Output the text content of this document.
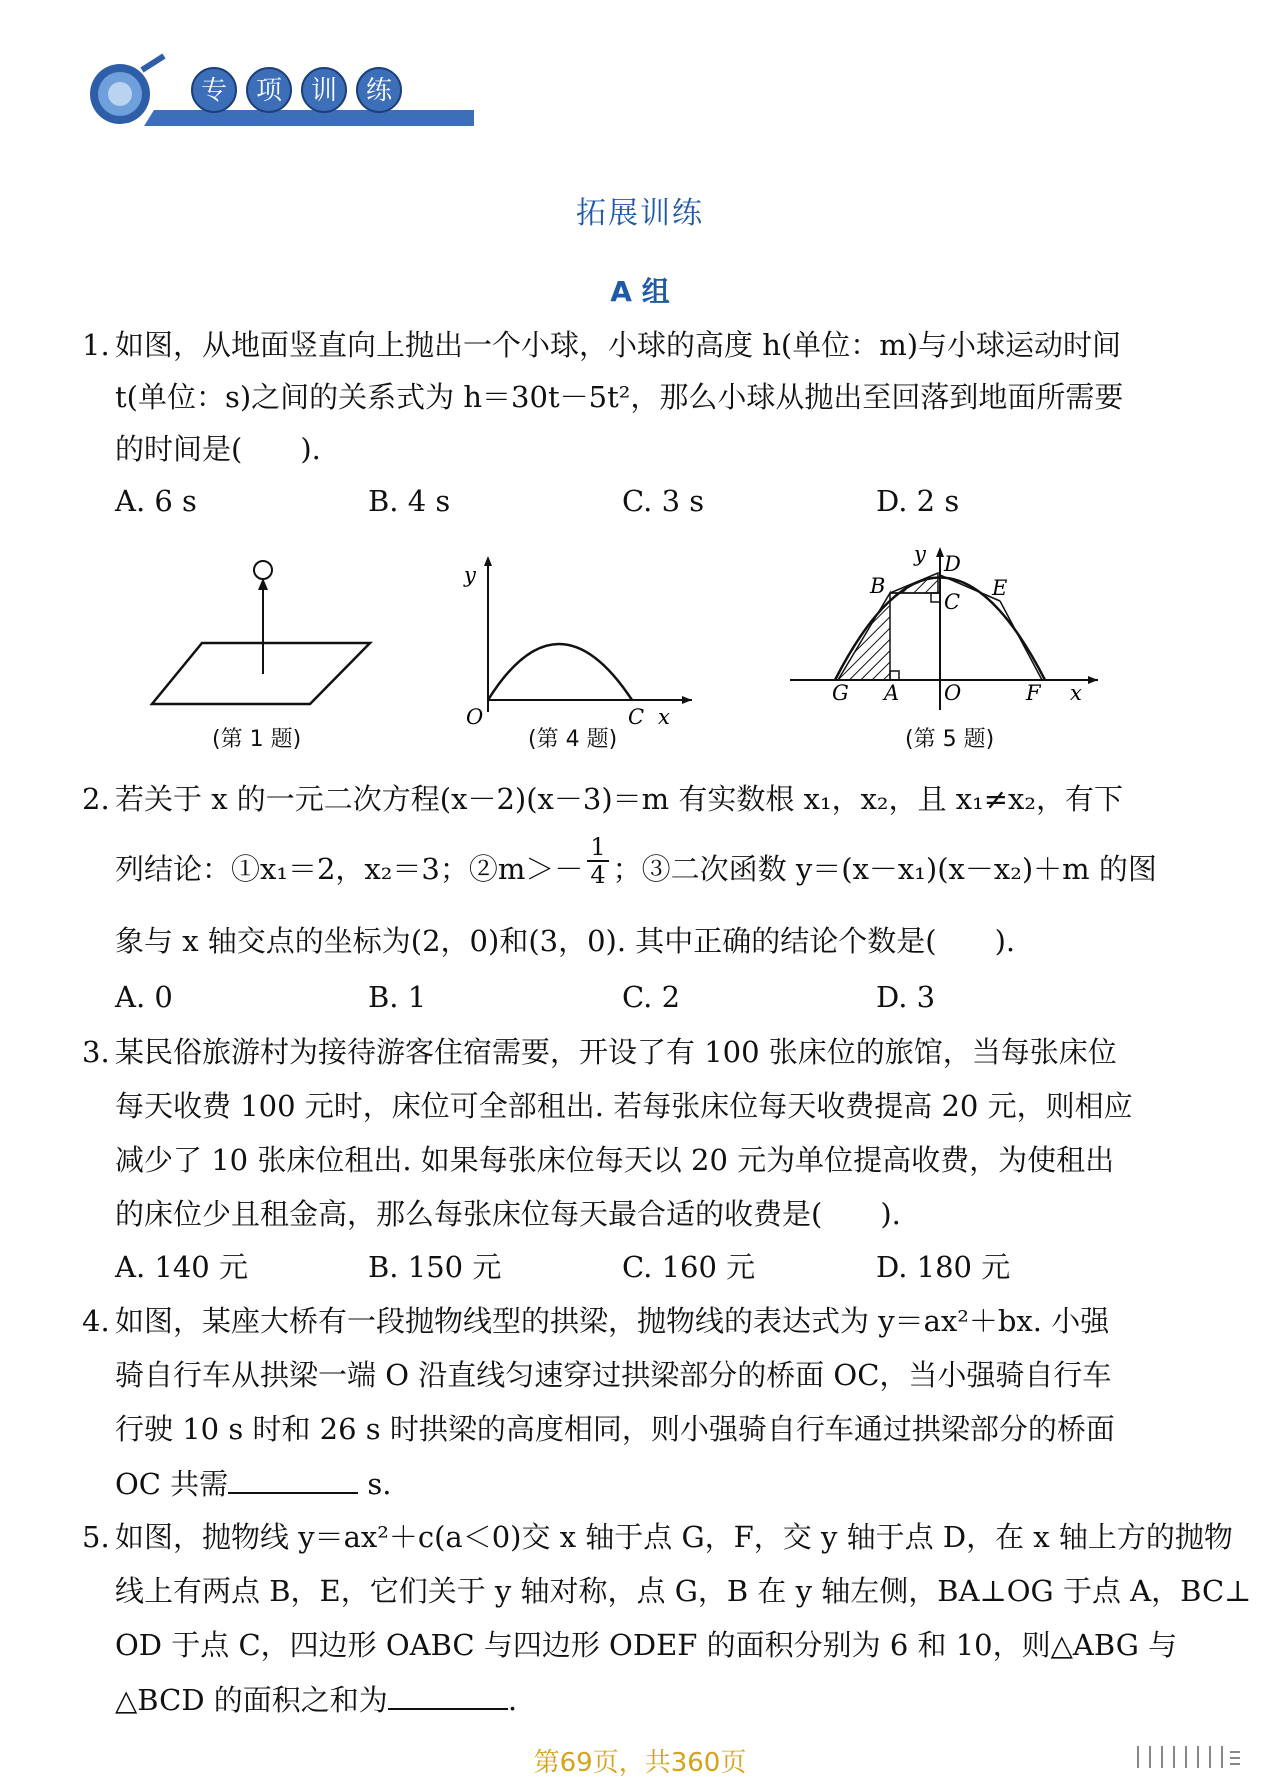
专 项 训 练
拓展训练
A 组
1. 如图，从地面竖直向上抛出一个小球，小球的高度 h(单位：m)与小球运动时间
t(单位：s)之间的关系式为 h＝30t－5t²，那么小球从抛出至回落到地面所需要
的时间是(　　).
A. 6 s	B. 4 s	C. 3 s	D. 2 s
(第 1 题)
y
O	C x
(第 4 题)
y D
B
C
E
G A O	F x
(第 5 题)
2. 若关于 x 的一元二次方程(x－2)(x－3)＝m 有实数根 x₁，x₂，且 x₁≠x₂，有下
列结论：①x₁＝2，x₂＝3；②m＞－ $\frac{1}{4}$ ；③二次函数 y＝(x－x₁)(x－x₂)＋m 的图
象与 x 轴交点的坐标为(2，0)和(3，0). 其中正确的结论个数是(　　).
A. 0	B. 1	C. 2	D. 3
3. 某民俗旅游村为接待游客住宿需要，开设了有 100 张床位的旅馆，当每张床位
每天收费 100 元时，床位可全部租出. 若每张床位每天收费提高 20 元，则相应
减少了 10 张床位租出. 如果每张床位每天以 20 元为单位提高收费，为使租出
的床位少且租金高，那么每张床位每天最合适的收费是(　　).
A. 140 元	B. 150 元	C. 160 元	D. 180 元
4. 如图，某座大桥有一段抛物线型的拱梁，抛物线的表达式为 y＝ax²＋bx. 小强
骑自行车从拱梁一端 O 沿直线匀速穿过拱梁部分的桥面 OC，当小强骑自行车
行驶 10 s 时和 26 s 时拱梁的高度相同，则小强骑自行车通过拱梁部分的桥面
OC 共需	s.
5. 如图，抛物线 y＝ax²＋c(a＜0)交 x 轴于点 G，F，交 y 轴于点 D，在 x 轴上方的抛物
线上有两点 B，E，它们关于 y 轴对称，点 G，B 在 y 轴左侧，BA⊥OG 于点 A，BC⊥
OD 于点 C，四边形 OABC 与四边形 ODEF 的面积分别为 6 和 10，则△ABG 与
△BCD 的面积之和为	.
第69页，共360页
